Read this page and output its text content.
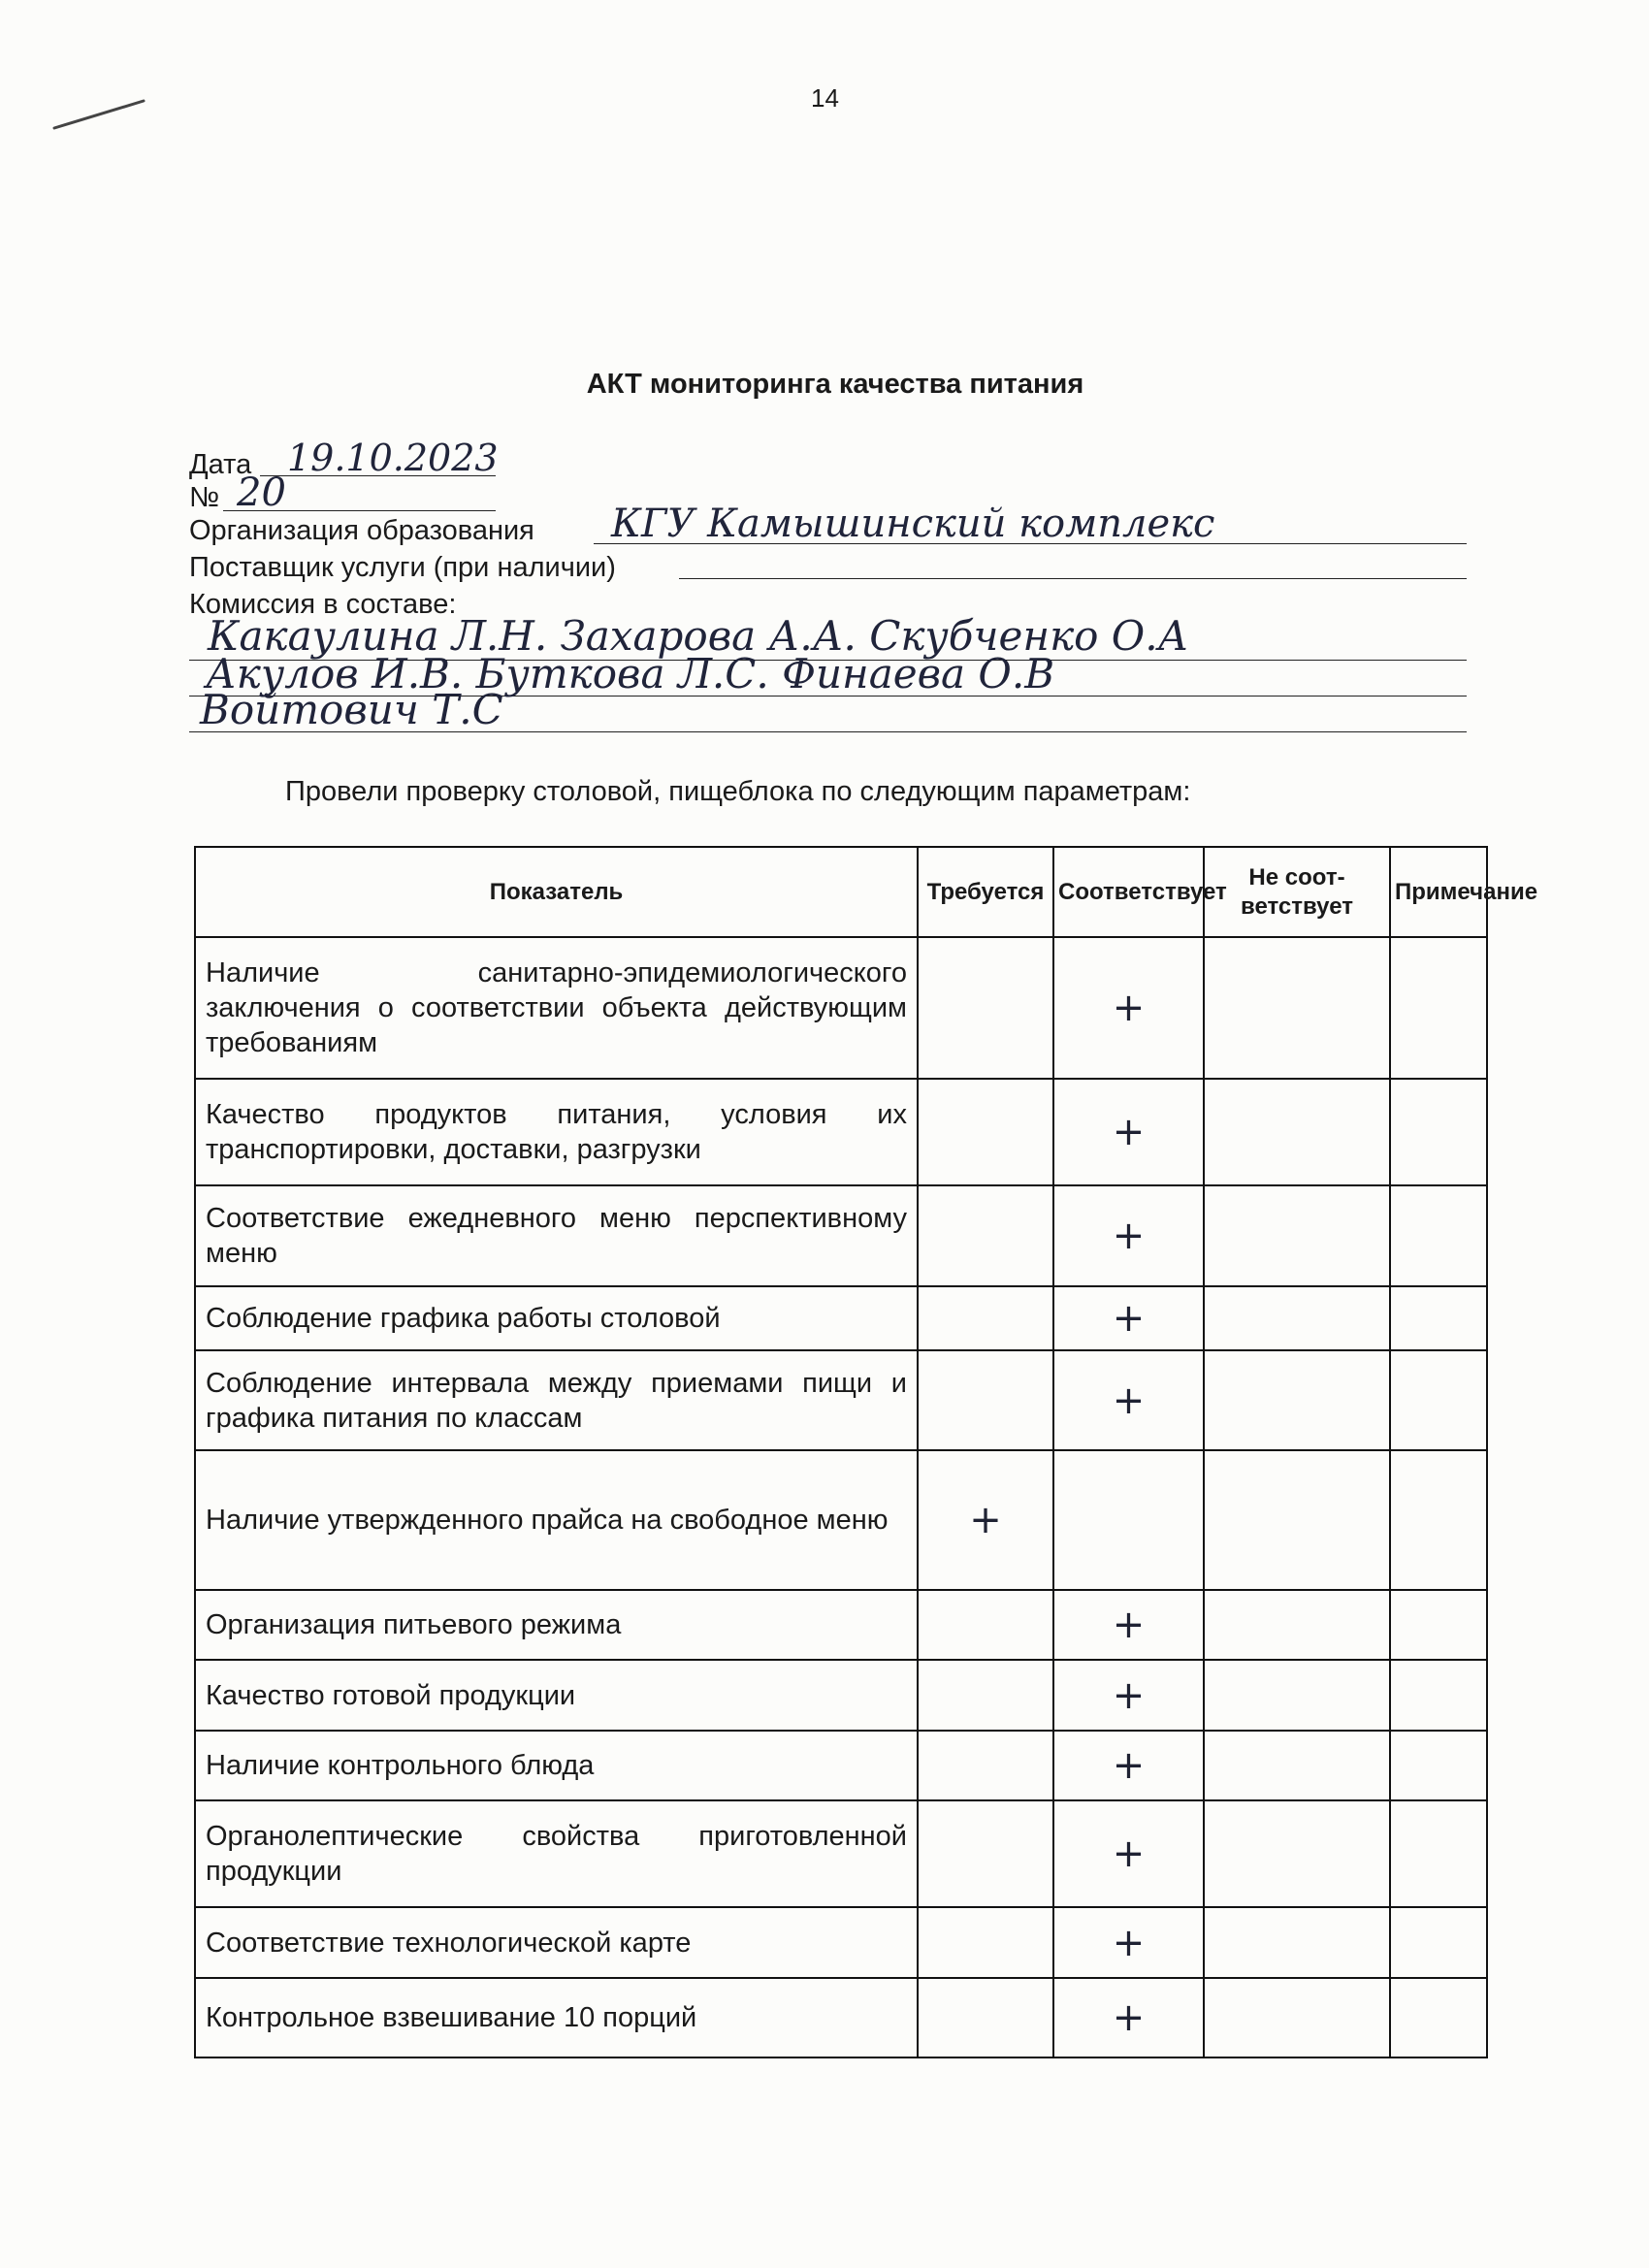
14
АКТ мониторинга качества питания
Дата 19.10.2023
№ 20
Организация образования КГУ Камышинский комплекс
Поставщик услуги (при наличии)
Комиссия в составе:
Какаулина Л.Н. Захарова А.А. Скубченко О.А
Акулов И.В. Буткова Л.С. Финаева О.В
Войтович Т.С
Провели проверку столовой, пищеблока по следующим параметрам:
Показатель	Требуется	Соответствует	Не соот-ветствует	Примечание
Наличие санитарно-эпидемиологического заключения о соответствии объекта действующим требованиям		+		
Качество продуктов питания, условия их транспортировки, доставки, разгрузки		+		
Соответствие ежедневного меню перспективному меню		+		
Соблюдение графика работы столовой		+		
Соблюдение интервала между приемами пищи и графика питания по классам		+		
Наличие утвержденного прайса на свободное меню	+			
Организация питьевого режима		+		
Качество готовой продукции		+		
Наличие контрольного блюда		+		
Органолептические свойства приготовленной продукции		+		
Соответствие технологической карте		+		
Контрольное взвешивание 10 порций		+		
